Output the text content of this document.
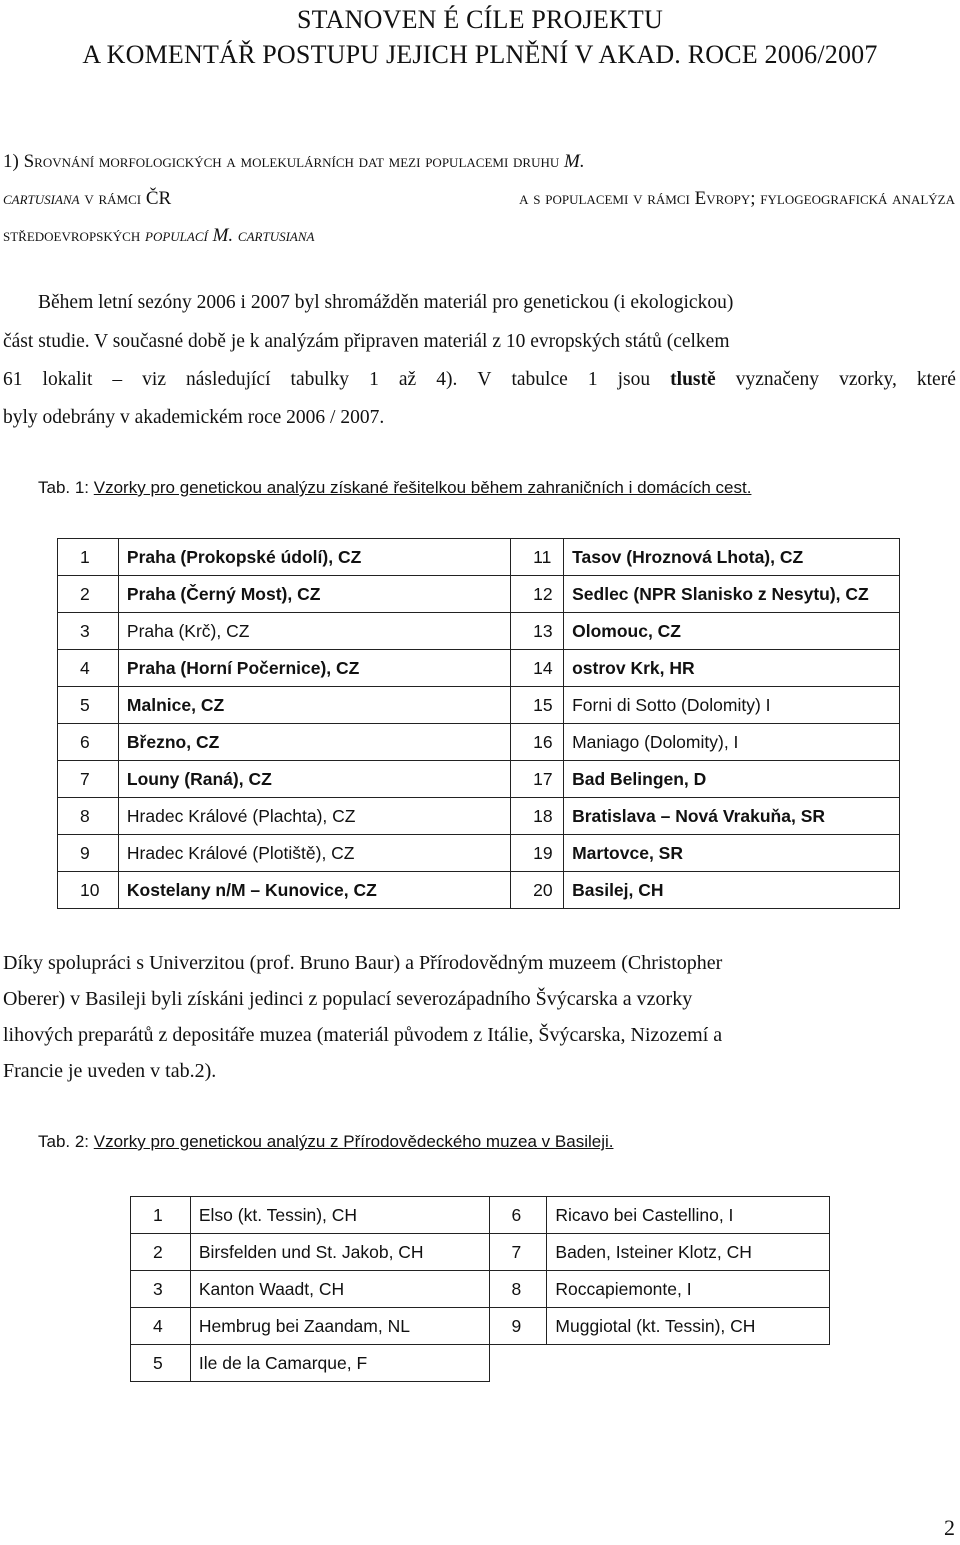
STANOVEN É CÍLE PROJEKTU
A KOMENTÁŘ POSTUPU JEJICH PLNĚNÍ V AKAD. ROCE 2006/2007
1) Srovnání morfologických a molekulárních dat mezi populacemi druhu M.
cartusiana v rámci ČR	a s populacemi v rámci Evropy; fylogeografická analýza
středoevropských populací M. cartusiana
Během letní sezóny 2006 i 2007 byl shromážděn materiál pro genetickou (i ekologickou)
část studie. V současné době je k analýzám připraven materiál z 10 evropských států (celkem
61 lokalit – viz následující tabulky 1 až 4). V tabulce 1 jsou tlustě vyznačeny vzorky, které
byly odebrány v akademickém roce 2006 / 2007.
Tab. 1: Vzorky pro genetickou analýzu získané řešitelkou během zahraničních i domácích cest.
1	Praha (Prokopské údolí), CZ	11	Tasov (Hroznová Lhota), CZ
2	Praha (Černý Most), CZ	12	Sedlec (NPR Slanisko z Nesytu), CZ
3	Praha (Krč), CZ	13	Olomouc, CZ
4	Praha (Horní Počernice), CZ	14	ostrov Krk, HR
5	Malnice, CZ	15	Forni di Sotto (Dolomity) I
6	Březno, CZ	16	Maniago (Dolomity), I
7	Louny (Raná), CZ	17	Bad Belingen, D
8	Hradec Králové (Plachta), CZ	18	Bratislava – Nová Vrakuňa, SR
9	Hradec Králové (Plotiště), CZ	19	Martovce, SR
10	Kostelany n/M – Kunovice, CZ	20	Basilej, CH
Díky spolupráci s Univerzitou (prof. Bruno Baur) a Přírodovědným muzeem (Christopher
Oberer) v Basileji byli získáni jedinci z populací severozápadního Švýcarska a vzorky
lihových preparátů z depositáře muzea (materiál původem z Itálie, Švýcarska, Nizozemí a
Francie je uveden v tab.2).
Tab. 2: Vzorky pro genetickou analýzu z Přírodovědeckého muzea v Basileji.
1	Elso (kt. Tessin), CH	6	Ricavo bei Castellino, I
2	Birsfelden und St. Jakob, CH	7	Baden, Isteiner Klotz, CH
3	Kanton Waadt, CH	8	Roccapiemonte, I
4	Hembrug bei Zaandam, NL	9	Muggiotal (kt. Tessin), CH
5	Ile de la Camarque, F		
2
